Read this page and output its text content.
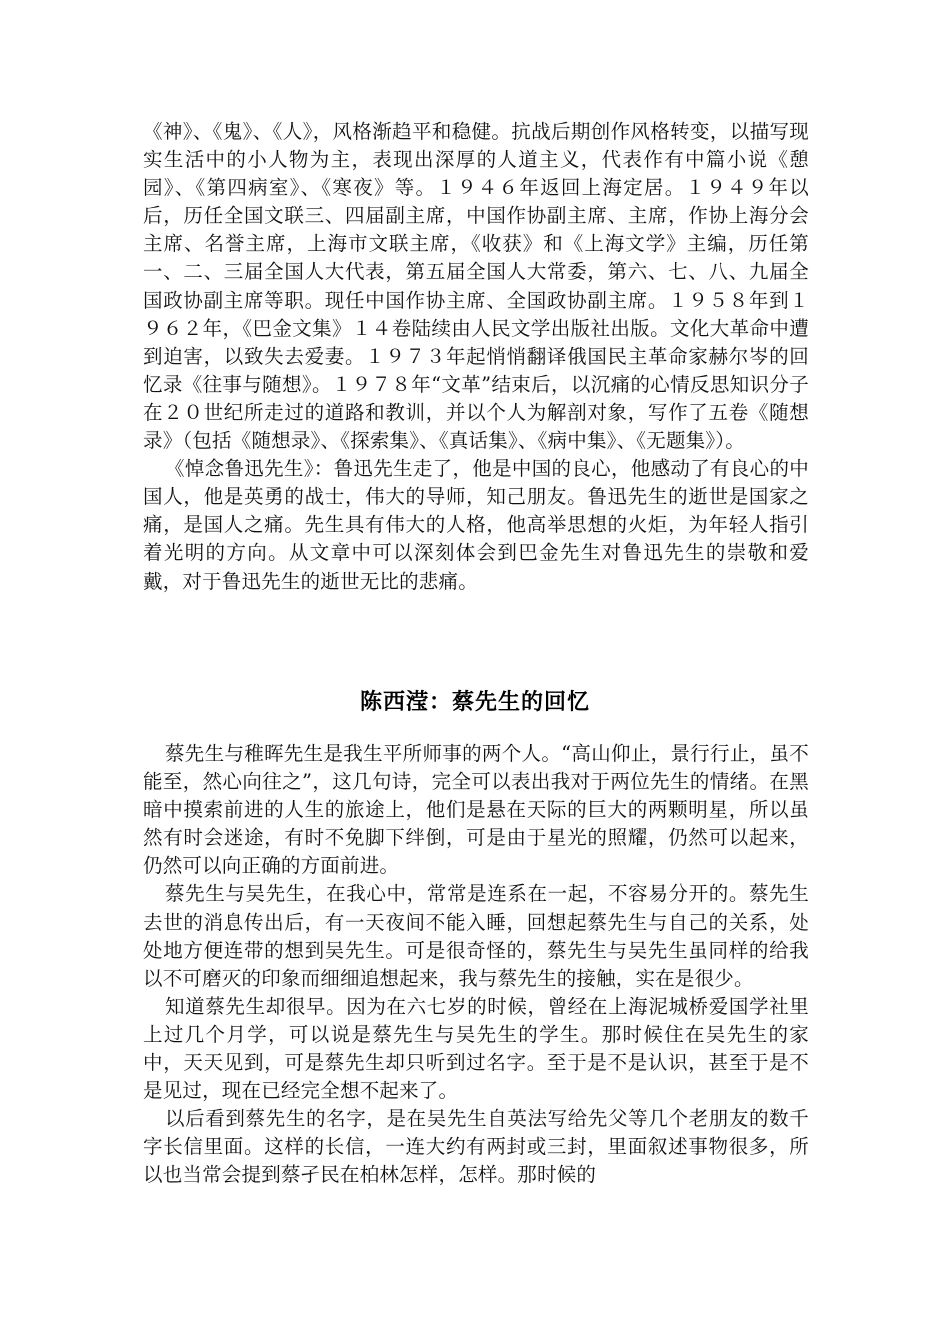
《神》、《鬼》、《人》，风格渐趋平和稳健。抗战后期创作风格转变，以描写现实生活中的小人物为主，表现出深厚的人道主义，代表作有中篇小说《憩园》、《第四病室》、《寒夜》等。１９４６年返回上海定居。１９４９年以后，历任全国文联三、四届副主席，中国作协副主席、主席，作协上海分会主席、名誉主席，上海市文联主席，《收获》和《上海文学》主编，历任第一、二、三届全国人大代表，第五届全国人大常委，第六、七、八、九届全国政协副主席等职。现任中国作协主席、全国政协副主席。１９５８年到１９６２年，《巴金文集》１４卷陆续由人民文学出版社出版。文化大革命中遭到迫害，以致失去爱妻。１９７３年起悄悄翻译俄国民主革命家赫尔岑的回忆录《往事与随想》。１９７８年“文革”结束后，以沉痛的心情反思知识分子在２０世纪所走过的道路和教训，并以个人为解剖对象，写作了五卷《随想录》（包括《随想录》、《探索集》、《真话集》、《病中集》、《无题集》）。

《悼念鲁迅先生》：鲁迅先生走了，他是中国的良心，他感动了有良心的中国人，他是英勇的战士，伟大的导师，知己朋友。鲁迅先生的逝世是国家之痛，是国人之痛。先生具有伟大的人格，他高举思想的火炬，为年轻人指引着光明的方向。从文章中可以深刻体会到巴金先生对鲁迅先生的崇敬和爱戴，对于鲁迅先生的逝世无比的悲痛。

陈西滢：蔡先生的回忆

蔡先生与稚晖先生是我生平所师事的两个人。“高山仰止，景行行止，虽不能至，然心向往之”，这几句诗，完全可以表出我对于两位先生的情绪。在黑暗中摸索前进的人生的旅途上，他们是悬在天际的巨大的两颗明星，所以虽然有时会迷途，有时不免脚下绊倒，可是由于星光的照耀，仍然可以起来，仍然可以向正确的方面前进。

蔡先生与吴先生，在我心中，常常是连系在一起，不容易分开的。蔡先生去世的消息传出后，有一天夜间不能入睡，回想起蔡先生与自己的关系，处处地方便连带的想到吴先生。可是很奇怪的，蔡先生与吴先生虽同样的给我以不可磨灭的印象而细细追想起来，我与蔡先生的接触，实在是很少。

知道蔡先生却很早。因为在六七岁的时候，曾经在上海泥城桥爱国学社里上过几个月学，可以说是蔡先生与吴先生的学生。那时候住在吴先生的家中，天天见到，可是蔡先生却只听到过名字。至于是不是认识，甚至于是不是见过，现在已经完全想不起来了。

以后看到蔡先生的名字，是在吴先生自英法写给先父等几个老朋友的数千字长信里面。这样的长信，一连大约有两封或三封，里面叙述事物很多，所以也当常会提到蔡孑民在柏林怎样，怎样。那时候的
